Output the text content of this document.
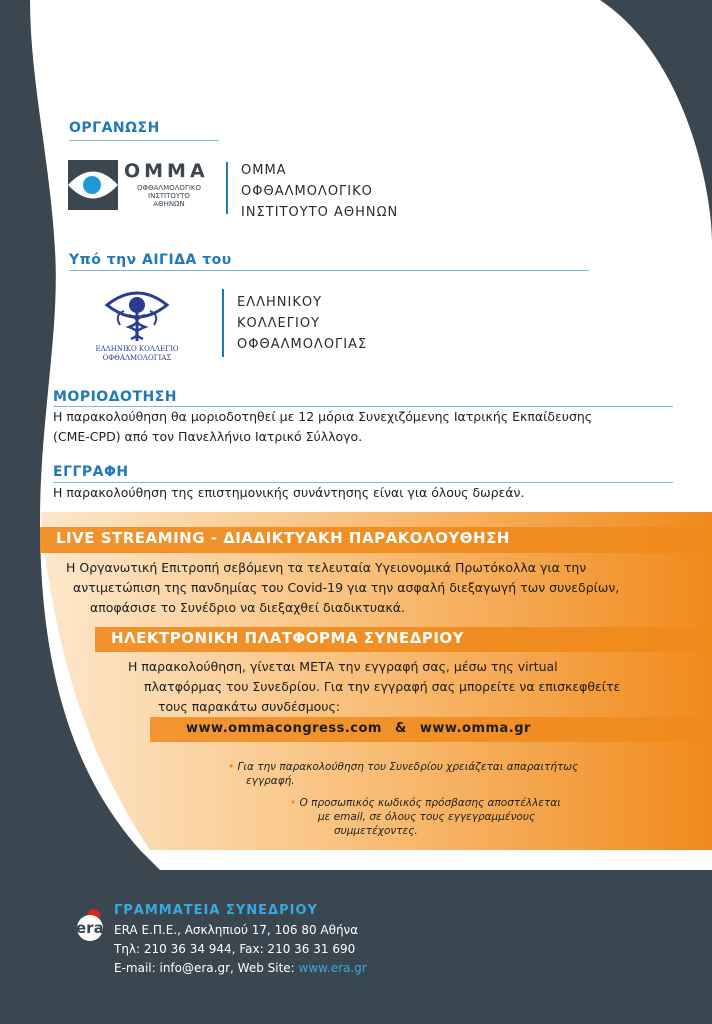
ΟΡΓΑΝΩΣΗ
ΟΜΜΑ
ΟΦΘΑΛΜΟΛΟΓΙΚΟ
ΙΝΣΤΙΤΟΥΤΟ
ΑΘΗΝΩΝ
ΟΜΜΑ
ΟΦΘΑΛΜΟΛΟΓΙΚΟ
ΙΝΣΤΙΤΟΥΤΟ ΑΘΗΝΩΝ
Υπό την ΑΙΓΙΔΑ του
ΕΛΛΗΝΙΚΟ ΚΟΛΛΕΓΙΟ
ΟΦΘΑΛΜΟΛΟΓΙΑΣ
ΕΛΛΗΝΙΚΟΥ
ΚΟΛΛΕΓΙΟΥ
ΟΦΘΑΛΜΟΛΟΓΙΑΣ
ΜΟΡΙΟΔΟΤΗΣΗ
Η παρακολούθηση θα μοριοδοτηθεί με 12 μόρια Συνεχιζόμενης Ιατρικής Εκπαίδευσης
(CME-CPD) από τον Πανελλήνιο Ιατρικό Σύλλογο.
ΕΓΓΡΑΦΗ
Η παρακολούθηση της επιστημονικής συνάντησης είναι για όλους δωρεάν.
LIVE STREAMING - ΔΙΑΔΙΚΤΥΑΚΗ ΠΑΡΑΚΟΛΟΥΘΗΣΗ
Η Οργανωτική Επιτροπή σεβόμενη τα τελευταία Υγειονομικά Πρωτόκολλα για την
αντιμετώπιση της πανδημίας του Covid-19 για την ασφαλή διεξαγωγή των συνεδρίων,
αποφάσισε το Συνέδριο να διεξαχθεί διαδικτυακά.
ΗΛΕΚΤΡΟΝΙΚΗ ΠΛΑΤΦΟΡΜΑ ΣΥΝΕΔΡΙΟΥ
Η παρακολούθηση, γίνεται ΜΕΤΑ την εγγραφή σας, μέσω της virtual
πλατφόρμας του Συνεδρίου. Για την εγγραφή σας μπορείτε να επισκεφθείτε
τους παρακάτω συνδέσμους:
www.ommacongress.com & www.omma.gr
• Για την παρακολούθηση του Συνεδρίου χρειάζεται απαραιτήτως
εγγραφή.
• Ο προσωπικός κωδικός πρόσβασης αποστέλλεται
με email, σε όλους τους εγγεγραμμένους
συμμετέχοντες.
era
ΓΡΑΜΜΑΤΕΙΑ ΣΥΝΕΔΡΙΟΥ
ERA Ε.Π.Ε., Ασκληπιού 17, 106 80 Αθήνα
Τηλ: 210 36 34 944, Fax: 210 36 31 690
E-mail: info@era.gr, Web Site: www.era.gr
